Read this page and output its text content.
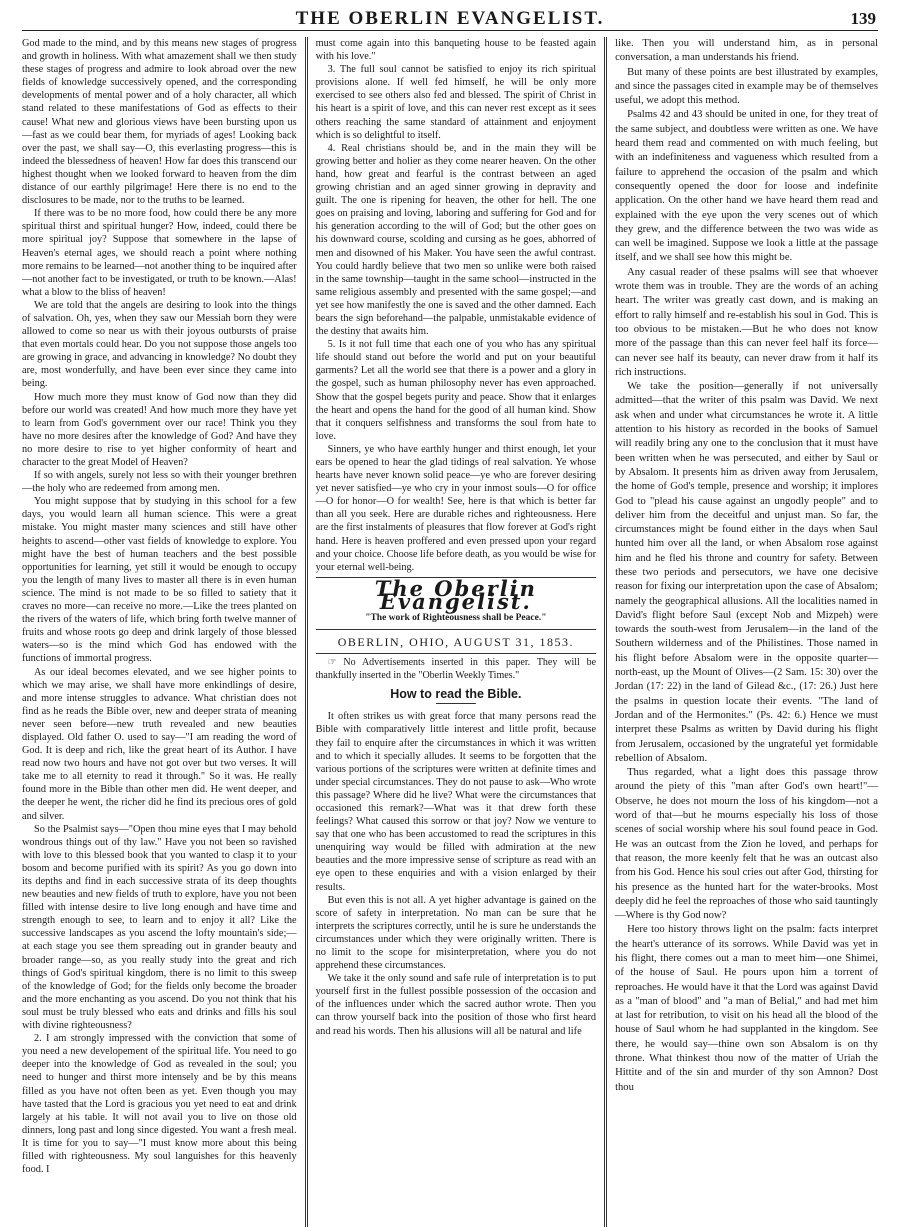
THE OBERLIN EVANGELIST.	139

God made to the mind, and by this means new stages of progress and growth in holiness. With what amazement shall we then study these stages of progress and admire to look abroad over the new fields of knowledge successively opened, and the corresponding developments of mental power and of a holy character, all which stand related to these manifestations of God as effects to their cause! What new and glorious views have been bursting upon us—fast as we could bear them, for myriads of ages! Looking back over the past, we shall say—O, this everlasting progress—this is indeed the blessedness of heaven! How far does this transcend our highest thought when we looked forward to heaven from the dim distance of our earthly pilgrimage! Here there is no end to the disclosures to be made, nor to the truths to be learned.

If there was to be no more food, how could there be any more spiritual thirst and spiritual hunger? How, indeed, could there be more spiritual joy? Suppose that somewhere in the lapse of Heaven's eternal ages, we should reach a point where nothing more remains to be learned—not another thing to be inquired after—not another fact to be investigated, or truth to be known.—Alas! what a blow to the bliss of heaven!

We are told that the angels are desiring to look into the things of salvation. Oh, yes, when they saw our Messiah born they were allowed to come so near us with their joyous outbursts of praise that even mortals could hear. Do you not suppose those angels too are growing in grace, and advancing in knowledge? No doubt they are, most wonderfully, and have been ever since they came into being.

How much more they must know of God now than they did before our world was created! And how much more they have yet to learn from God's government over our race! Think you they have no more desires after the knowledge of God? And have they no more desire to rise to yet higher conformity of heart and character to the great Model of Heaven?

If so with angels, surely not less so with their younger brethren—the holy who are redeemed from among men.

You might suppose that by studying in this school for a few days, you would learn all human science. This were a great mistake. You might master many sciences and still have other heights to ascend—other vast fields of knowledge to explore. You might have the best of human teachers and the best possible opportunities for learning, yet still it would be enough to occupy you the length of many lives to master all there is in even human science. The mind is not made to be so filled to satiety that it craves no more—can receive no more.—Like the trees planted on the rivers of the waters of life, which bring forth twelve manner of fruits and whose roots go deep and drink largely of those blessed waters—so is the mind which God has endowed with the functions of immortal progress.

As our ideal becomes elevated, and we see higher points to which we may arise, we shall have more enkindlings of desire, and more intense struggles to advance. What christian does not find as he reads the Bible over, new and deeper strata of meaning never seen before—new truth revealed and new beauties displayed. Old father O. used to say—"I am reading the word of God. It is deep and rich, like the great heart of its Author. I have read now two hours and have not got over but two verses. It will take me to all eternity to read it through." So it was. He really found more in the Bible than other men did. He went deeper, and the deeper he went, the richer did he find its precious ores of gold and silver.

So the Psalmist says—"Open thou mine eyes that I may behold wondrous things out of thy law." Have you not been so ravished with love to this blessed book that you wanted to clasp it to your bosom and become purified with its spirit? As you go down into its depths and find in each successive strata of its deep thoughts new beauties and new fields of truth to explore, have you not been filled with intense desire to live long enough and have time and strength enough to see, to learn and to enjoy it all? Like the successive landscapes as you ascend the lofty mountain's side;—at each stage you see them spreading out in grander beauty and broader range—so, as you really study into the great and rich things of God's spiritual kingdom, there is no limit to this sweep of the knowledge of God; for the fields only become the broader and the more enchanting as you ascend. Do you not think that his soul must be truly blessed who eats and drinks and fills his soul with divine righteousness?

2. I am strongly impressed with the conviction that some of you need a new developement of the spiritual life. You need to go deeper into the knowledge of God as revealed in the soul; you need to hunger and thirst more intensely and be by this means filled as you have not often been as yet. Even though you may have tasted that the Lord is gracious you yet need to eat and drink largely at his table. It will not avail you to live on those old dinners, long past and long since digested. You want a fresh meal. It is time for you to say—"I must know more about this being filled with righteousness. My soul languishes for this heavenly food. I

must come again into this banqueting house to be feasted again with his love."

3. The full soul cannot be satisfied to enjoy its rich spiritual provisions alone. If well fed himself, he will be only more exercised to see others also fed and blessed. The spirit of Christ in his heart is a spirit of love, and this can never rest except as it sees others reaching the same standard of attainment and enjoyment which is so delightful to itself.

4. Real christians should be, and in the main they will be growing better and holier as they come nearer heaven. On the other hand, how great and fearful is the contrast between an aged growing christian and an aged sinner growing in depravity and guilt. The one is ripening for heaven, the other for hell. The one goes on praising and loving, laboring and suffering for God and for his generation according to the will of God; but the other goes on his downward course, scolding and cursing as he goes, abhorred of men and disowned of his Maker. You have seen the awful contrast. You could hardly believe that two men so unlike were both raised in the same township—taught in the same school—instructed in the same religious assembly and presented with the same gospel;—and yet see how manifestly the one is saved and the other damned. Each bears the sign beforehand—the palpable, unmistakable evidence of the destiny that awaits him.

5. Is it not full time that each one of you who has any spiritual life should stand out before the world and put on your beautiful garments? Let all the world see that there is a power and a glory in the gospel, such as human philosophy never has even approached. Show that the gospel begets purity and peace. Show that it enlarges the heart and opens the hand for the good of all human kind. Show that it conquers selfishness and transforms the soul from hate to love.

Sinners, ye who have earthly hunger and thirst enough, let your ears be opened to hear the glad tidings of real salvation. Ye whose hearts have never known solid peace—ye who are forever desiring yet never satisfied—ye who cry in your inmost souls—O for office—O for honor—O for wealth! See, here is that which is better far than all you seek. Here are durable riches and righteousness. Here are the first instalments of pleasures that flow forever at God's right hand. Here is heaven proffered and even pressed upon your regard and your choice. Choose life before death, as you would be wise for your eternal well-being.

The Oberlin Evangelist.
"The work of Righteousness shall be Peace."
OBERLIN, OHIO, AUGUST 31, 1853.
☞ No Advertisements inserted in this paper. They will be thankfully inserted in the "Oberlin Weekly Times."
How to read the Bible.

It often strikes us with great force that many persons read the Bible with comparatively little interest and little profit, because they fail to enquire after the circumstances in which it was written and to which it specially alludes. It seems to be forgotten that the various portions of the scriptures were written at definite times and under special circumstances. They do not pause to ask—Who wrote this passage? Where did he live? What were the circumstances that occasioned this remark?—What was it that drew forth these feelings? What caused this sorrow or that joy? Now we venture to say that one who has been accustomed to read the scriptures in this unenquiring way would be filled with admiration at the new beauties and the more impressive sense of scripture as read with an eye open to these enquiries and with a vision enlarged by their results.

But even this is not all. A yet higher advantage is gained on the score of safety in interpretation. No man can be sure that he interprets the scriptures correctly, until he is sure he understands the circumstances under which they were originally written. There is no limit to the scope for misinterpretation, where you do not apprehend these circumstances.

We take it the only sound and safe rule of interpretation is to put yourself first in the fullest possible possession of the occasion and of the influences under which the sacred author wrote. Then you can throw yourself back into the position of those who first heard and read his words. Then his allusions will all be natural and life

like. Then you will understand him, as in personal conversation, a man understands his friend.

But many of these points are best illustrated by examples, and since the passages cited in example may be of themselves useful, we adopt this method.

Psalms 42 and 43 should be united in one, for they treat of the same subject, and doubtless were written as one. We have heard them read and commented on with much feeling, but with an indefiniteness and vagueness which resulted from a failure to apprehend the occasion of the psalm and which consequently opened the door for loose and indefinite application. On the other hand we have heard them read and explained with the eye upon the very scenes out of which they grew, and the difference between the two was wide as can well be imagined. Suppose we look a little at the passage itself, and we shall see how this might be.

Any casual reader of these psalms will see that whoever wrote them was in trouble. They are the words of an aching heart. The writer was greatly cast down, and is making an effort to rally himself and re-establish his soul in God. This is too obvious to be mistaken.—But he who does not know more of the passage than this can never feel half its force—can never see half its beauty, can never draw from it half its rich instructions.

We take the position—generally if not universally admitted—that the writer of this psalm was David. We next ask when and under what circumstances he wrote it. A little attention to his history as recorded in the books of Samuel will readily bring any one to the conclusion that it must have been written when he was persecuted, and either by Saul or by Absalom. It presents him as driven away from Jerusalem, the home of God's temple, presence and worship; it implores God to "plead his cause against an ungodly people" and to deliver him from the deceitful and unjust man. So far, the circumstances might be found either in the days when Saul hunted him over all the land, or when Absalom rose against him and he fled his throne and country for safety. Between these two periods and persecutors, we have one decisive reason for fixing our interpretation upon the case of Absalom; namely the geographical allusions. All the localities named in David's flight before Saul (except Nob and Mizpeh) were towards the south-west from Jerusalem—in the land of the Southern wilderness and of the Philistines. Those named in his flight before Absalom were in the opposite quarter—north-east, up the Mount of Olives—(2 Sam. 15: 30) over the Jordan (17: 22) in the land of Gilead &c., (17: 26.) Just here the psalms in question locate their events. "The land of Jordan and of the Hermonites." (Ps. 42: 6.) Hence we must interpret these Psalms as written by David during his flight from Jerusalem, occasioned by the ungrateful yet formidable rebellion of Absalom.

Thus regarded, what a light does this passage throw around the piety of this "man after God's own heart!"—Observe, he does not mourn the loss of his kingdom—not a word of that—but he mourns especially his loss of those scenes of social worship where his soul found peace in God. He was an outcast from the Zion he loved, and perhaps for that reason, the more keenly felt that he was an outcast also from his God. Hence his soul cries out after God, thirsting for his presence as the hunted hart for the water-brooks. Most deeply did he feel the reproaches of those who said tauntingly—Where is thy God now?

Here too history throws light on the psalm: facts interpret the heart's utterance of its sorrows. While David was yet in his flight, there comes out a man to meet him—one Shimei, of the house of Saul. He pours upon him a torrent of reproaches. He would have it that the Lord was against David as a "man of blood" and "a man of Belial," and had met him at last for retribution, to visit on his head all the blood of the house of Saul whom he had supplanted in the kingdom. See there, he would say—thine own son Absalom is on thy throne. What thinkest thou now of the matter of Uriah the Hittite and of the sin and murder of thy son Amnon? Dost thou
